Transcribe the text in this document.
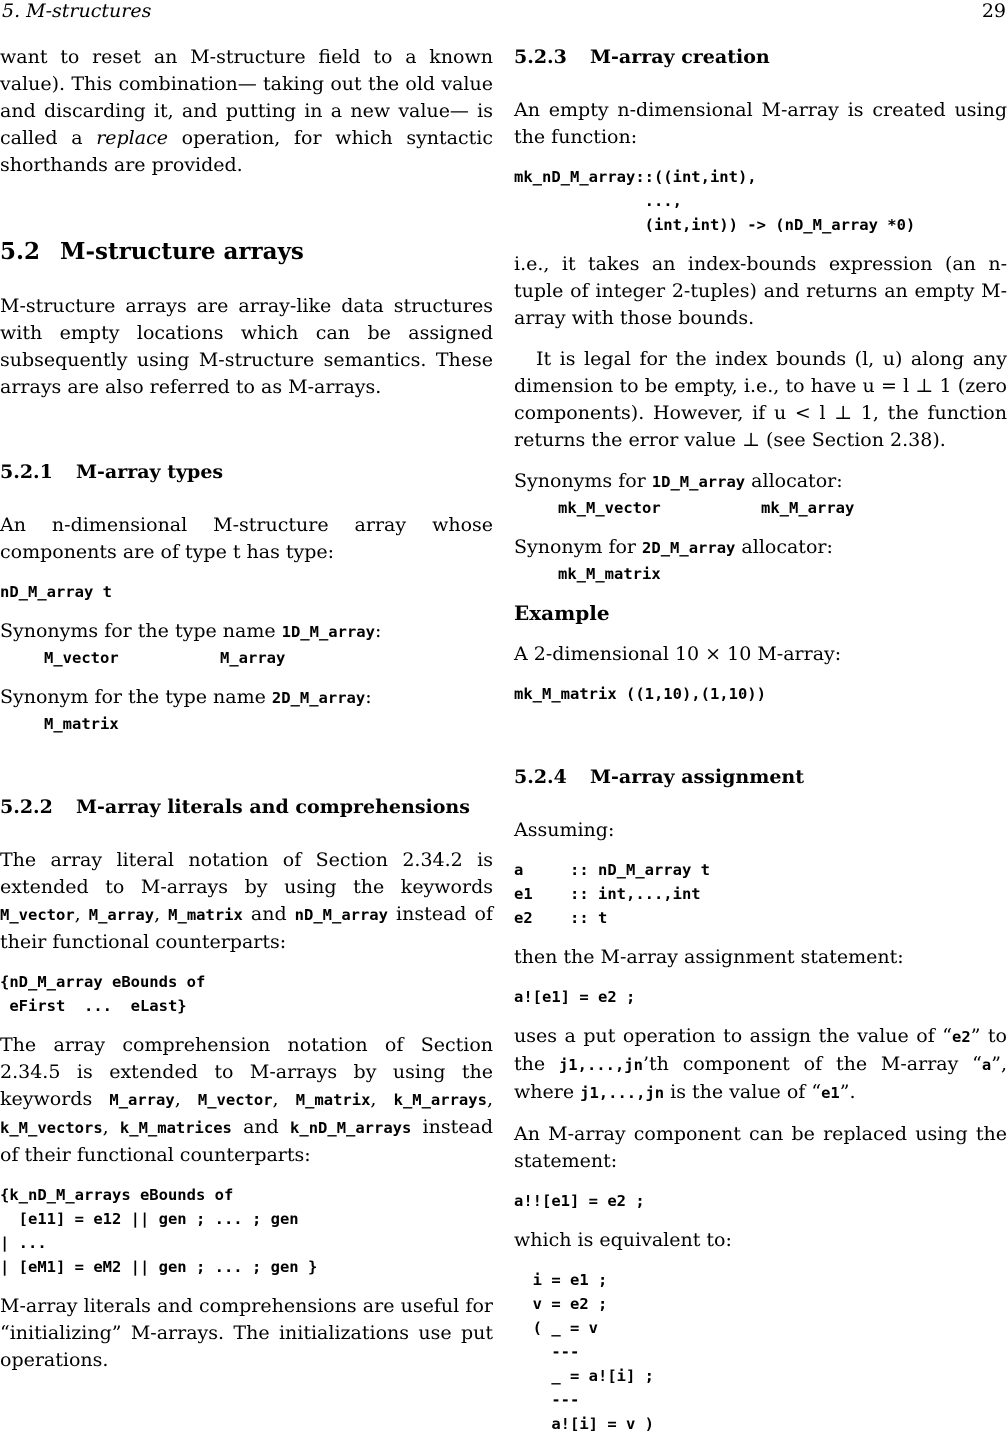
5. M-structures	29

want to reset an M-structure field to a known value). This combination— taking out the old value and discarding it, and putting in a new value— is called a replace operation, for which syntactic shorthands are provided.

5.2 M-structure arrays

M-structure arrays are array-like data structures with empty locations which can be assigned subsequently using M-structure semantics. These arrays are also referred to as M-arrays.

5.2.1 M-array types

An n-dimensional M-structure array whose components are of type t has type:

nD_M_array t

Synonyms for the type name 1D_M_array:

M_vector	M_array

Synonym for the type name 2D_M_array:

M_matrix
5.2.2 M-array literals and comprehensions

The array literal notation of Section 2.34.2 is extended to M-arrays by using the keywords M_vector, M_array, M_matrix and nD_M_array instead of their functional counterparts:

{nD_M_array eBounds of
eFirst  ...  eLast}

The array comprehension notation of Section 2.34.5 is extended to M-arrays by using the keywords M_array, M_vector, M_matrix, k_M_arrays, k_M_vectors, k_M_matrices and k_nD_M_arrays instead of their functional counterparts:

{k_nD_M_arrays eBounds of
[e11] = e12 || gen ; ... ; gen
| ...
| [eM1] = eM2 || gen ; ... ; gen }

M-array literals and comprehensions are useful for “initializing” M-arrays. The initializations use put operations.

5.2.3 M-array creation

An empty n-dimensional M-array is created using the function:

mk_nD_M_array::((int,int),
...,
(int,int)) -> (nD_M_array *0)

i.e., it takes an index-bounds expression (an n-tuple of integer 2-tuples) and returns an empty M-array with those bounds.

It is legal for the index bounds (l, u) along any dimension to be empty, i.e., to have u = l ⊥ 1 (zero components). However, if u < l ⊥ 1, the function returns the error value ⊥ (see Section 2.38).

Synonyms for 1D_M_array allocator:

mk_M_vector	mk_M_array

Synonym for 2D_M_array allocator:

mk_M_matrix
Example

A 2-dimensional 10 × 10 M-array:

mk_M_matrix ((1,10),(1,10))
5.2.4 M-array assignment

Assuming:

a     :: nD_M_array t
e1    :: int,...,int
e2    :: t

then the M-array assignment statement:

a![e1] = e2 ;

uses a put operation to assign the value of “e2” to the j1,...,jn’th component of the M-array “a”, where j1,...,jn is the value of “e1”.

An M-array component can be replaced using the statement:

a!![e1] = e2 ;

which is equivalent to:

i = e1 ;
v = e2 ;
( _ = v
---
_ = a![i] ;
---
a![i] = v )
